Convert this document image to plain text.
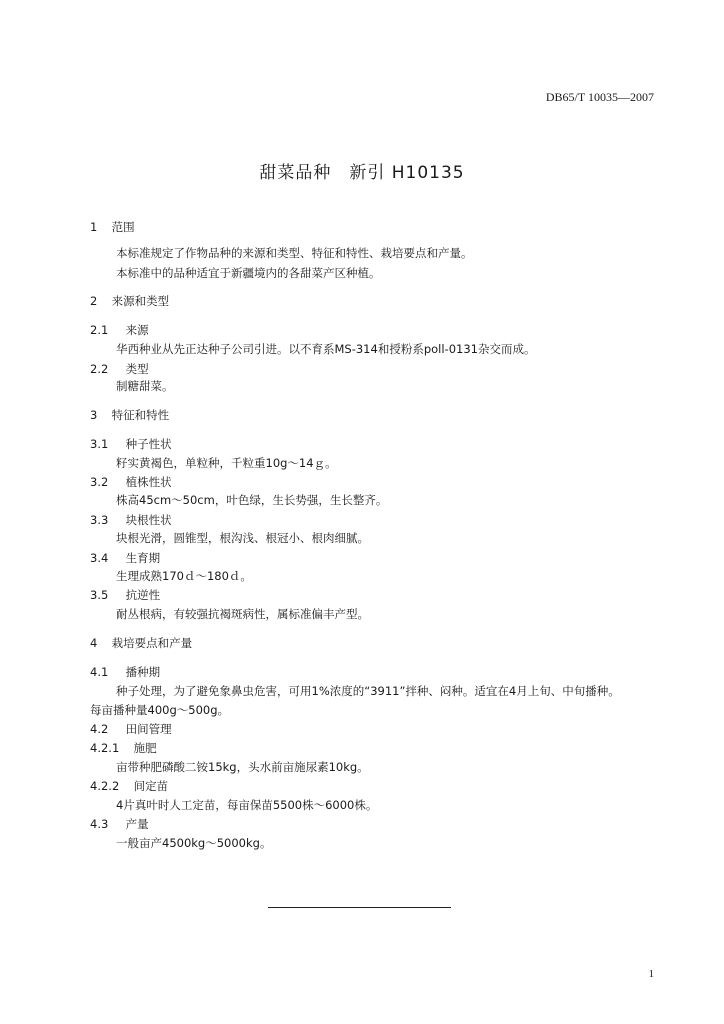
DB65/T 10035—2007
甜菜品种　新引 H10135
1 范围
本标准规定了作物品种的来源和类型、特征和特性、栽培要点和产量。
本标准中的品种适宜于新疆境内的各甜菜产区种植。
2 来源和类型
2.1 来源
华西种业从先正达种子公司引进。以不育系MS-314和授粉系poll-0131杂交而成。
2.2 类型
制糖甜菜。
3 特征和特性
3.1 种子性状
籽实黄褐色，单粒种，千粒重10g～14ｇ。
3.2 植株性状
株高45cm～50cm，叶色绿，生长势强，生长整齐。
3.3 块根性状
块根光滑，圆锥型，根沟浅、根冠小、根肉细腻。
3.4 生育期
生理成熟170ｄ～180ｄ。
3.5 抗逆性
耐丛根病，有较强抗褐斑病性，属标准偏丰产型。
4 栽培要点和产量
4.1 播种期
种子处理，为了避免象鼻虫危害，可用1%浓度的“3911”拌种、闷种。适宜在4月上旬、中旬播种。
每亩播种量400g～500g。
4.2 田间管理
4.2.1 施肥
亩带种肥磷酸二铵15kg，头水前亩施尿素10kg。
4.2.2 间定苗
4片真叶时人工定苗，每亩保苗5500株～6000株。
4.3 产量
一般亩产4500kg～5000kg。
1
